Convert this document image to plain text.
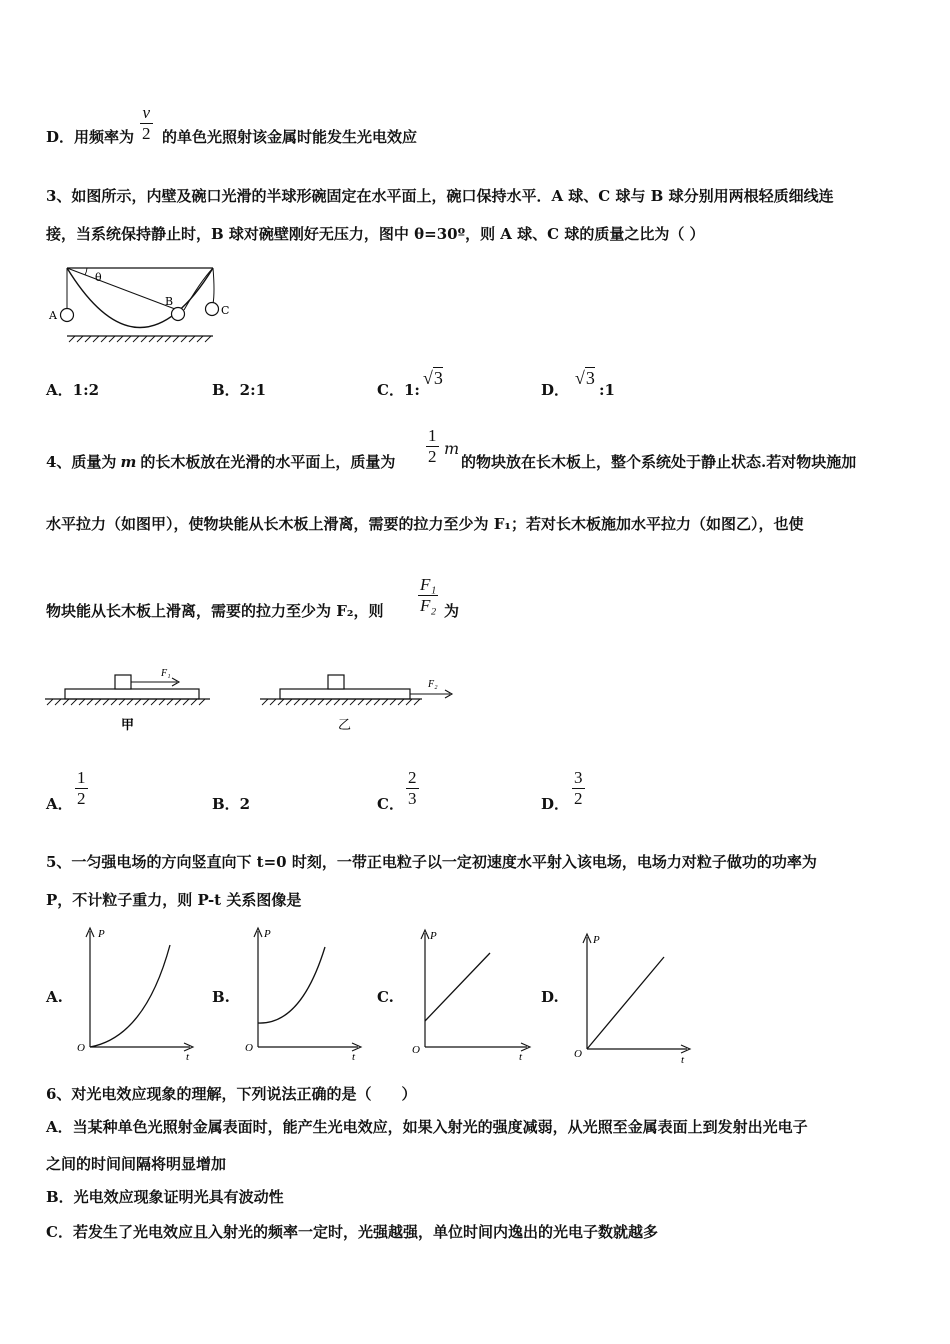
D．用频率为
v
2 的单色光照射该金属时能发生光电效应
3、如图所示，内壁及碗口光滑的半球形碗固定在水平面上，碗口保持水平．A 球、C 球与 B 球分别用两根轻质细线连
接，当系统保持静止时，B 球对碗壁刚好无压力，图中 θ=30º，则 A 球、C 球的质量之比为（ ）
θ
A
B
C
A．1:2	B．2:1	C．1:
√3
D．
√3
:1
4、质量为 m 的长木板放在光滑的水平面上，质量为
1
2 m
的物块放在长木板上，整个系统处于静止状态.若对物块施加
水平拉力（如图甲），使物块能从长木板上滑离，需要的拉力至少为 F₁；若对长木板施加水平拉力（如图乙），也使
物块能从长木板上滑离，需要的拉力至少为 F₂，则
F₁
F₂ 为
F₁
甲
F₂
乙
A．
1
2	B．2	C．
2
3	D．
3
2
5、一匀强电场的方向竖直向下 t=0 时刻，一带正电粒子以一定初速度水平射入该电场，电场力对粒子做功的功率为
P，不计粒子重力，则 P-t 关系图像是
A.
P
O
t
B.
P
O
t
C.
P
O
t
D.
P
O	t
6、对光电效应现象的理解，下列说法正确的是（　　）
A．当某种单色光照射金属表面时，能产生光电效应，如果入射光的强度减弱，从光照至金属表面上到发射出光电子
之间的时间间隔将明显增加
B．光电效应现象证明光具有波动性
C．若发生了光电效应且入射光的频率一定时，光强越强，单位时间内逸出的光电子数就越多
